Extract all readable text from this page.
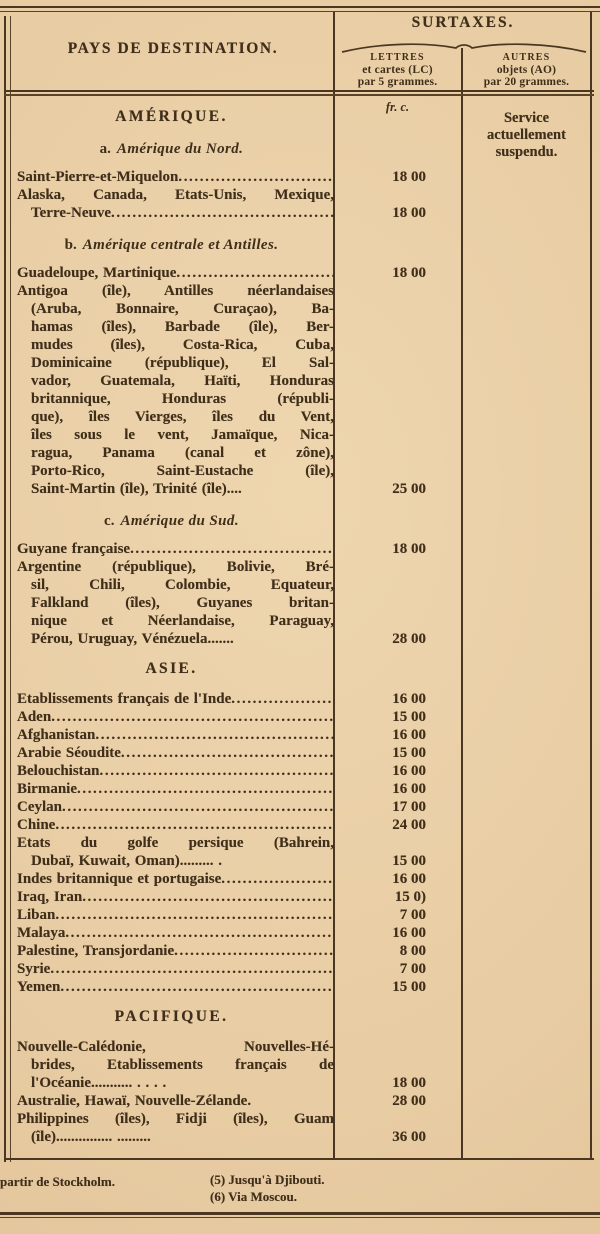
PAYS DE DESTINATION.
SURTAXES.
LETTRES
et cartes (LC)
par 5 grammes.
AUTRES
objets (AO)
par 20 grammes.
fr. c.
Service
actuellement
suspendu.
AMÉRIQUE.
a. Amérique du Nord.
Saint-Pierre-et-Miquelon .....	18 00
Alaska, Canada, Etats-Unis, Mexique,
Terre-Neuve .....	18 00
b. Amérique centrale et Antilles.
Guadeloupe, Martinique .....	18 00
Antigoa (île), Antilles néerlandaises
(Aruba, Bonnaire, Curaçao), Ba-
hamas (îles), Barbade (île), Ber-
mudes (îles), Costa-Rica, Cuba,
Dominicaine (république), El Sal-
vador, Guatemala, Haïti, Honduras
britannique, Honduras (républi-
que), îles Vierges, îles du Vent,
îles sous le vent, Jamaïque, Nica-
ragua, Panama (canal et zône),
Porto-Rico, Saint-Eustache (île),
Saint-Martin (île), Trinité (île)....	25 00
c. Amérique du Sud.
Guyane française .....	18 00
Argentine (république), Bolivie, Bré-
sil, Chili, Colombie, Equateur,
Falkland (îles), Guyanes britan-
nique et Néerlandaise, Paraguay,
Pérou, Uruguay, Vénézuela.......	28 00
ASIE.
Etablissements français de l'Inde .....	16 00
Aden .....	15 00
Afghanistan .....	16 00
Arabie Séoudite .....	15 00
Belouchistan .....	16 00
Birmanie .....	16 00
Ceylan .....	17 00
Chine .....	24 00
Etats du golfe persique (Bahrein,
Dubaï, Kuwait, Oman)......... .	15 00
Indes britannique et portugaise .....	16 00
Iraq, Iran .....	15 0)
Liban .....	7 00
Malaya .....	16 00
Palestine, Transjordanie .....	8 00
Syrie .....	7 00
Yemen .....	15 00
PACIFIQUE.
Nouvelle-Calédonie, Nouvelles-Hé-
brides, Etablissements français de
l'Océanie........... . . . .	18 00
Australie, Hawaï, Nouvelle-Zélande.	28 00
Philippines (îles), Fidji (îles), Guam
(île)............... .........	36 00
partir de Stockholm.	(5) Jusqu'à Djibouti.
(6) Via Moscou.
